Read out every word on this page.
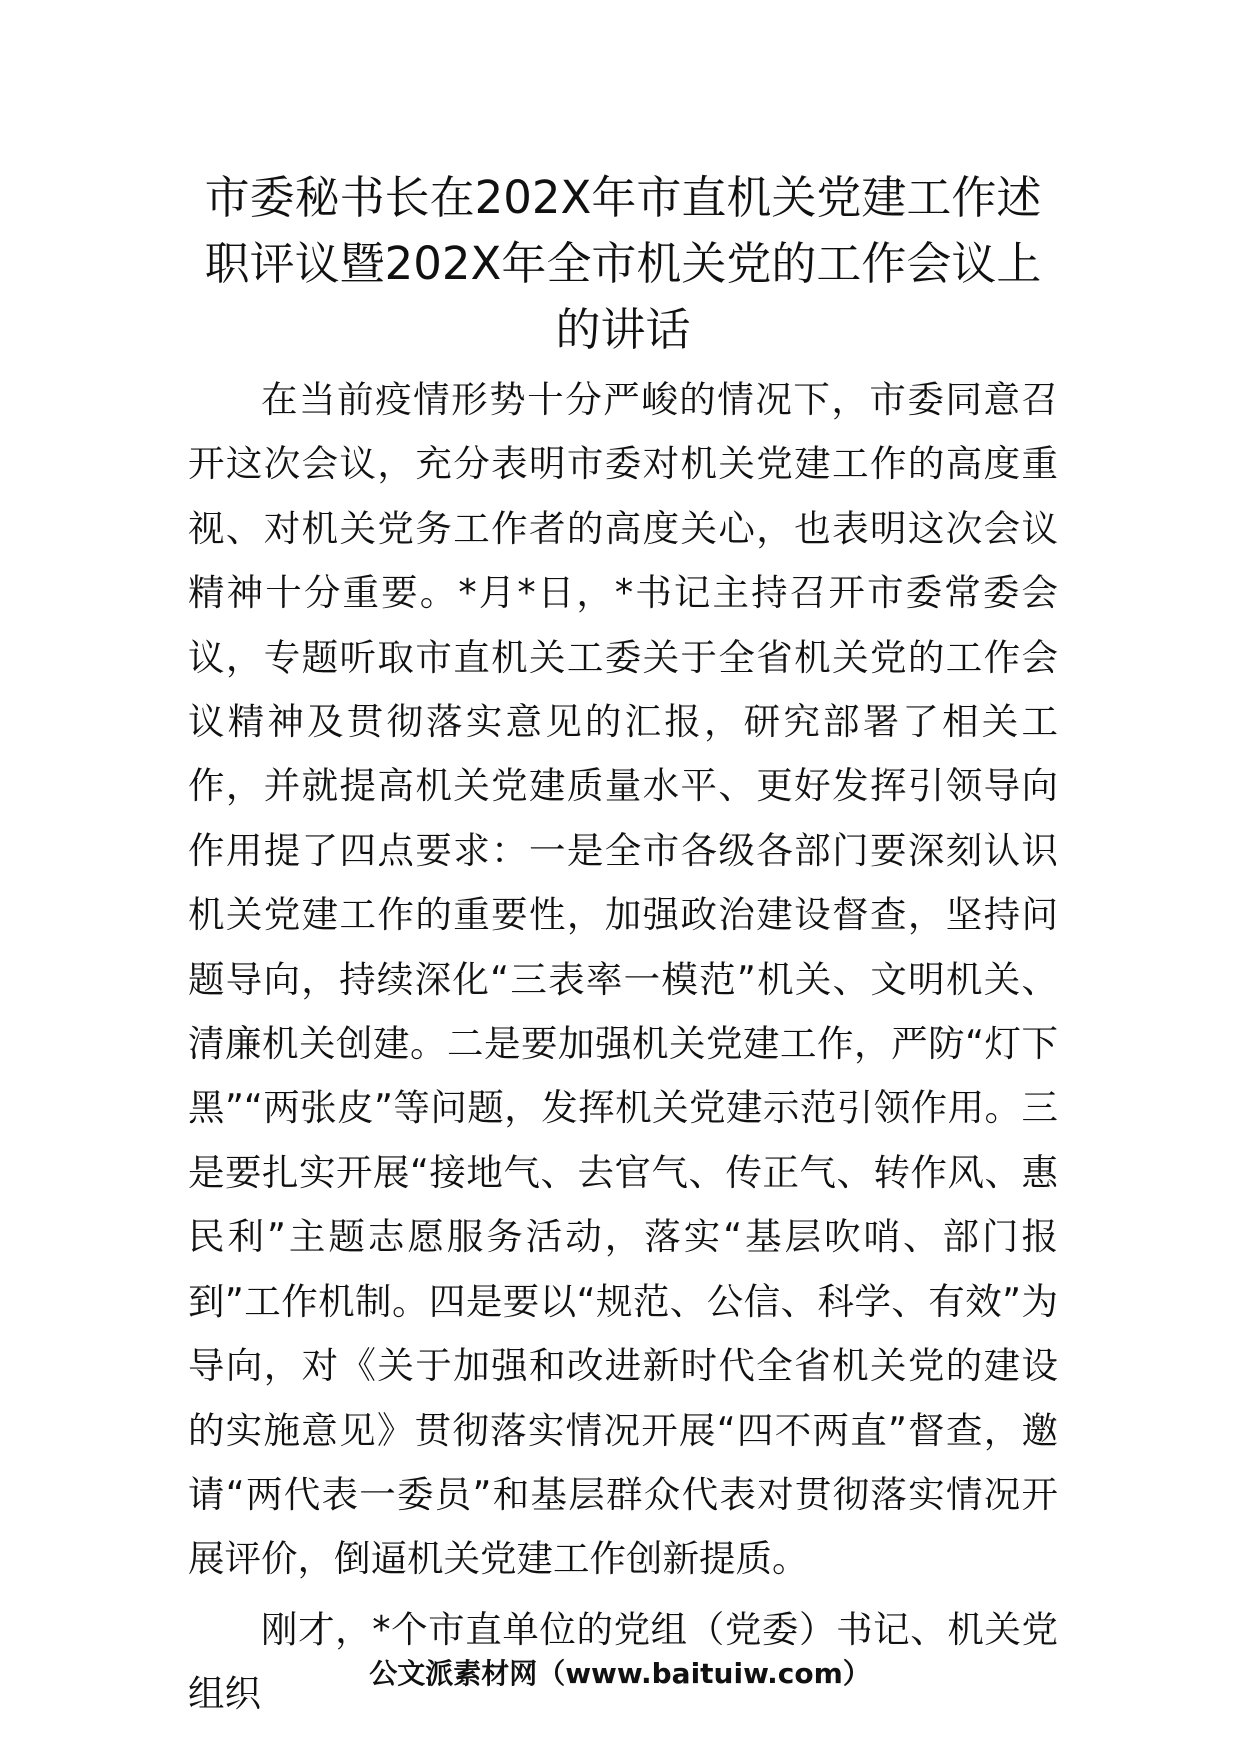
市委秘书长在202X年市直机关党建工作述职评议暨202X年全市机关党的工作会议上的讲话

在当前疫情形势十分严峻的情况下，市委同意召开这次会议，充分表明市委对机关党建工作的高度重视、对机关党务工作者的高度关心，也表明这次会议精神十分重要。*月*日，*书记主持召开市委常委会议，专题听取市直机关工委关于全省机关党的工作会议精神及贯彻落实意见的汇报，研究部署了相关工作，并就提高机关党建质量水平、更好发挥引领导向作用提了四点要求：一是全市各级各部门要深刻认识机关党建工作的重要性，加强政治建设督查，坚持问题导向，持续深化“三表率一模范”机关、文明机关、清廉机关创建。二是要加强机关党建工作，严防“灯下黑”“两张皮”等问题，发挥机关党建示范引领作用。三是要扎实开展“接地气、去官气、传正气、转作风、惠民利”主题志愿服务活动，落实“基层吹哨、部门报到”工作机制。四是要以“规范、公信、科学、有效”为导向，对《关于加强和改进新时代全省机关党的建设的实施意见》贯彻落实情况开展“四不两直”督查，邀请“两代表一委员”和基层群众代表对贯彻落实情况开展评价，倒逼机关党建工作创新提质。

刚才，*个市直单位的党组（党委）书记、机关党组织	公文派素材网（www.baituiw.com）
